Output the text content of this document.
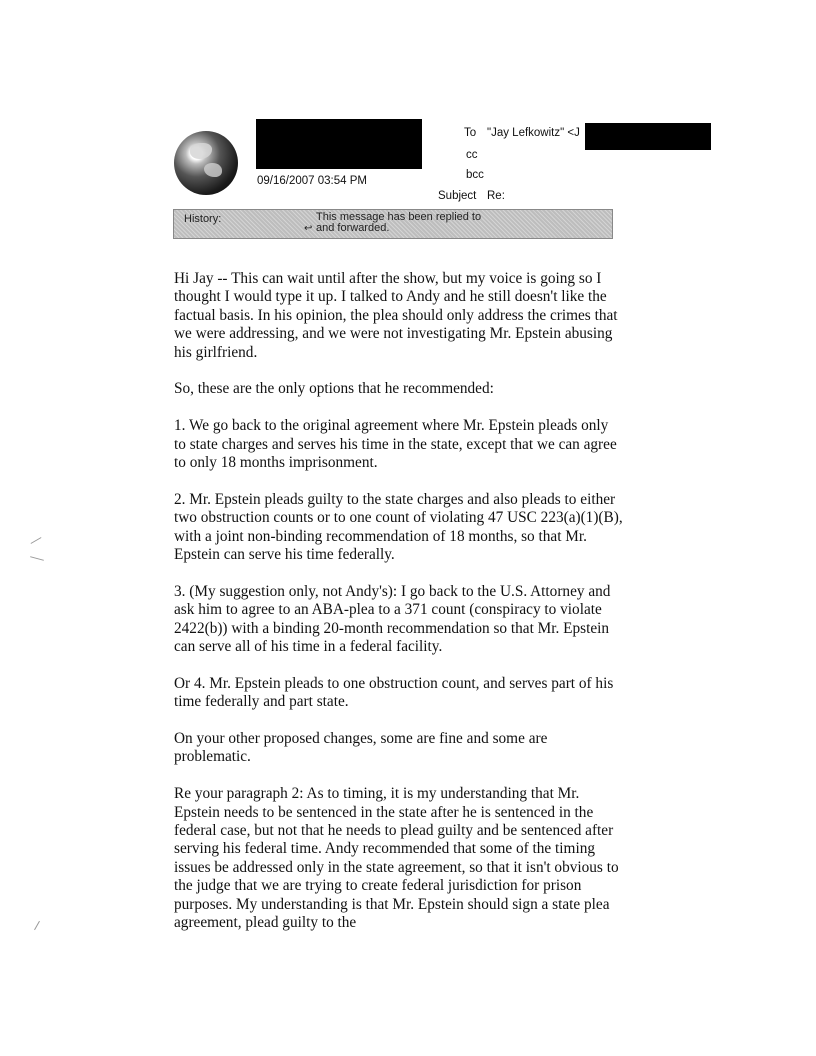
09/16/2007 03:54 PM
To "Jay Lefkowitz" <J
cc
bcc
Subject Re:
History:
↩
This message has been replied to and forwarded.

Hi Jay -- This can wait until after the show, but my voice is going so I thought I would type it up. I talked to Andy and he still doesn't like the factual basis. In his opinion, the plea should only address the crimes that we were addressing, and we were not investigating Mr. Epstein abusing his girlfriend.

So, these are the only options that he recommended:

1. We go back to the original agreement where Mr. Epstein pleads only to state charges and serves his time in the state, except that we can agree to only 18 months imprisonment.

2. Mr. Epstein pleads guilty to the state charges and also pleads to either two obstruction counts or to one count of violating 47 USC 223(a)(1)(B), with a joint non-binding recommendation of 18 months, so that Mr. Epstein can serve his time federally.

3. (My suggestion only, not Andy's): I go back to the U.S. Attorney and ask him to agree to an ABA-plea to a 371 count (conspiracy to violate 2422(b)) with a binding 20-month recommendation so that Mr. Epstein can serve all of his time in a federal facility.

Or 4. Mr. Epstein pleads to one obstruction count, and serves part of his time federally and part state.

On your other proposed changes, some are fine and some are problematic.

Re your paragraph 2: As to timing, it is my understanding that Mr. Epstein needs to be sentenced in the state after he is sentenced in the federal case, but not that he needs to plead guilty and be sentenced after serving his federal time. Andy recommended that some of the timing issues be addressed only in the state agreement, so that it isn't obvious to the judge that we are trying to create federal jurisdiction for prison purposes. My understanding is that Mr. Epstein should sign a state plea agreement, plead guilty to the
